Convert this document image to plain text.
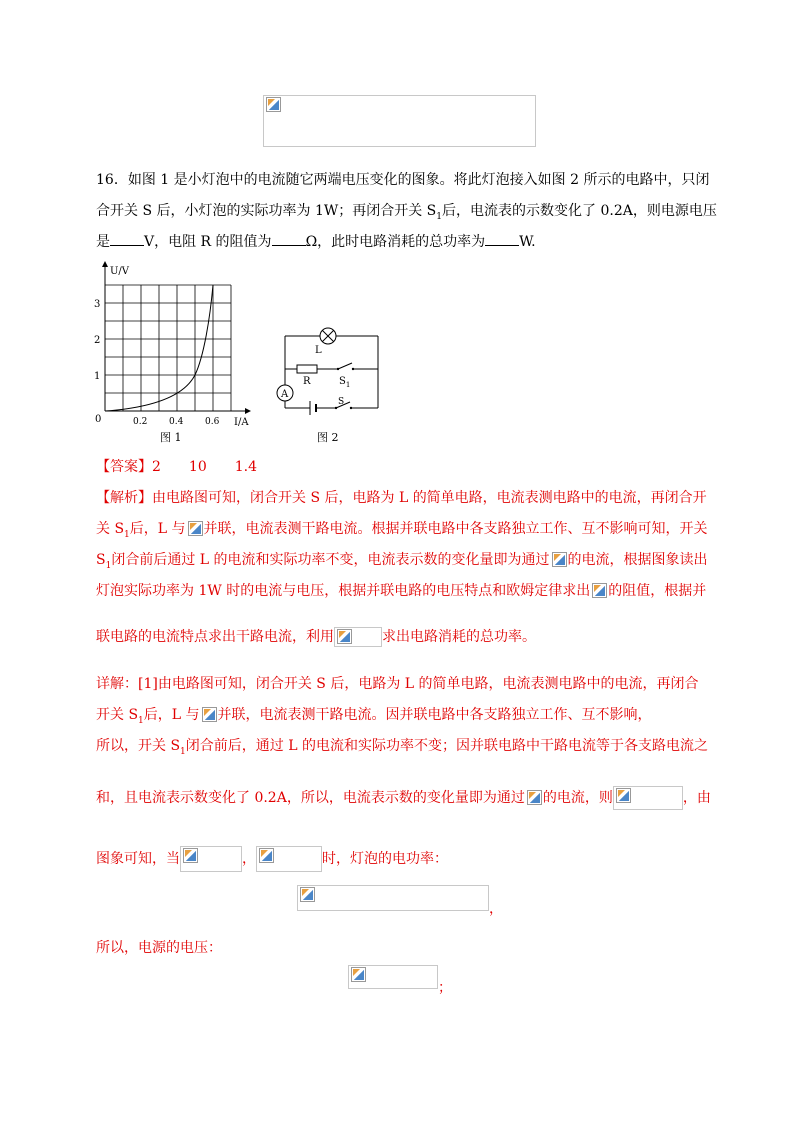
16．如图 1 是小灯泡中的电流随它两端电压变化的图象。将此灯泡接入如图 2 所示的电路中，只闭
合开关 S 后，小灯泡的实际功率为 1W；再闭合开关 $S_1$后，电流表的示数变化了 0.2A，则电源电压
是 V，电阻 R 的阻值为 Ω，此时电路消耗的总功率为 W.
U/V
I/A
0	0.2 0.4 0.6
1
2
3
图 1
A
L
R	$S_1$
S
图 2
【答案】2 10 1.4
【解析】由电路图可知，闭合开关 S 后，电路为 L 的简单电路，电流表测电路中的电流，再闭合开
关 $S_1$后，L 与 并联，电流表测干路电流。根据并联电路中各支路独立工作、互不影响可知，开关
$S_1$闭合前后通过 L 的电流和实际功率不变，电流表示数的变化量即为通过 的电流，根据图象读出
灯泡实际功率为 1W 时的电流与电压，根据并联电路的电压特点和欧姆定律求出 的阻值，根据并
联电路的电流特点求出干路电流，利用	求出电路消耗的总功率。
详解：[1]由电路图可知，闭合开关 S 后，电路为 L 的简单电路，电流表测电路中的电流，再闭合
开关 $S_1$后，L 与 并联，电流表测干路电流。因并联电路中各支路独立工作、互不影响，
所以，开关 $S_1$闭合前后，通过 L 的电流和实际功率不变；因并联电路中干路电流等于各支路电流之
和，且电流表示数变化了 0.2A，所以，电流表示数的变化量即为通过 的电流，则	，由
图象可知，当	，	时，灯泡的电功率：
，
所以，电源的电压：
；
